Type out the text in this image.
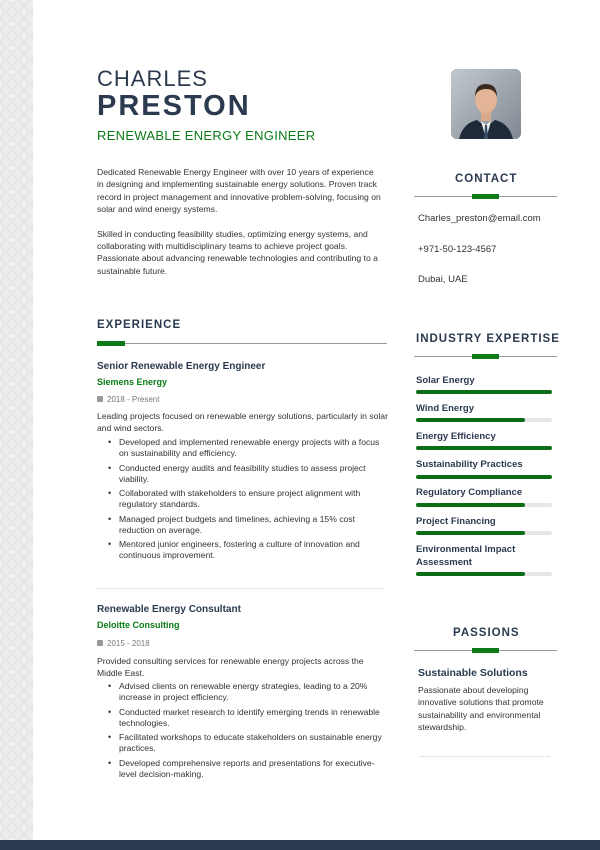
CHARLES
PRESTON
RENEWABLE ENERGY ENGINEER

Dedicated Renewable Energy Engineer with over 10 years of experience in designing and implementing sustainable energy solutions. Proven track record in project management and innovative problem-solving, focusing on solar and wind energy systems.

Skilled in conducting feasibility studies, optimizing energy systems, and collaborating with multidisciplinary teams to achieve project goals. Passionate about advancing renewable technologies and contributing to a sustainable future.

CONTACT
Charles_preston@email.com
+971-50-123-4567
Dubai, UAE
EXPERIENCE
Senior Renewable Energy Engineer
Siemens Energy
2018 - Present
Leading projects focused on renewable energy solutions, particularly in solar and wind sectors.
• Developed and implemented renewable energy projects with a focus on sustainability and efficiency.
• Conducted energy audits and feasibility studies to assess project viability.
• Collaborated with stakeholders to ensure project alignment with regulatory standards.
• Managed project budgets and timelines, achieving a 15% cost reduction on average.
• Mentored junior engineers, fostering a culture of innovation and continuous improvement.
Renewable Energy Consultant
Deloitte Consulting
2015 - 2018
Provided consulting services for renewable energy projects across the Middle East.
• Advised clients on renewable energy strategies, leading to a 20% increase in project efficiency.
• Conducted market research to identify emerging trends in renewable technologies.
• Facilitated workshops to educate stakeholders on sustainable energy practices.
• Developed comprehensive reports and presentations for executive-level decision-making.
INDUSTRY EXPERTISE
Solar Energy
Wind Energy
Energy Efficiency
Sustainability Practices
Regulatory Compliance
Project Financing
Environmental Impact Assessment
PASSIONS
Sustainable Solutions
Passionate about developing innovative solutions that promote sustainability and environmental stewardship.
